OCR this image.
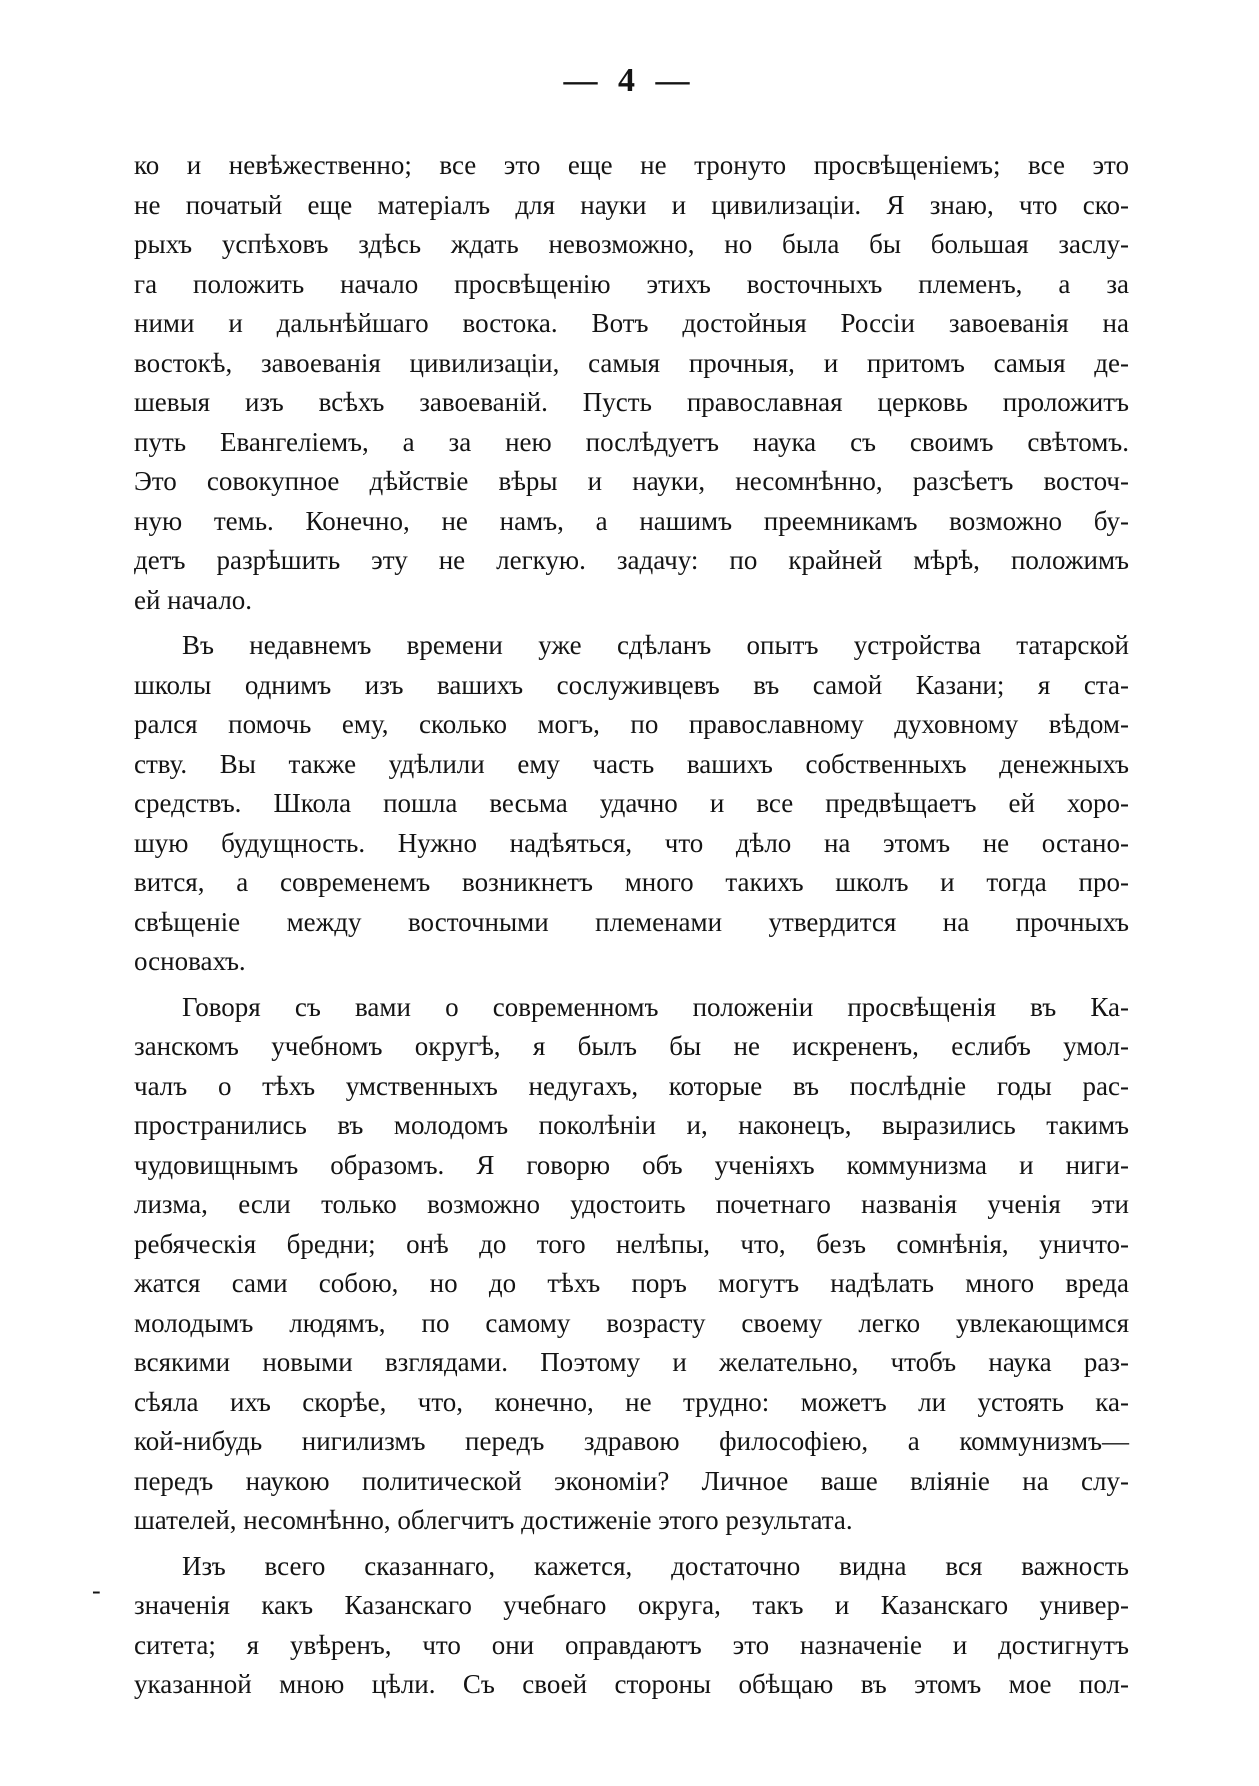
— 4 —
ко и невѣжественно; все это еще не тронуто просвѣщеніемъ; все это
не початый еще матеріалъ для науки и цивилизаціи. Я знаю, что ско-
рыхъ успѣховъ здѣсь ждать невозможно, но была бы большая заслу-
га положить начало просвѣщенію этихъ восточныхъ племенъ, а за
ними и дальнѣйшаго востока. Вотъ достойныя Россіи завоеванія на
востокѣ, завоеванія цивилизаціи, самыя прочныя, и притомъ самыя де-
шевыя изъ всѣхъ завоеваній. Пусть православная церковь проложитъ
путь Евангеліемъ, а за нею послѣдуетъ наука съ своимъ свѣтомъ.
Это совокупное дѣйствіе вѣры и науки, несомнѣнно, разсѣетъ восточ-
ную темь. Конечно, не намъ, а нашимъ преемникамъ возможно бу-
детъ разрѣшить эту не легкую. задачу: по крайней мѣрѣ, положимъ
ей начало.
Въ недавнемъ времени уже сдѣланъ опытъ устройства татарской
школы однимъ изъ вашихъ сослуживцевъ въ самой Казани; я ста-
рался помочь ему, сколько могъ, по православному духовному вѣдом-
ству. Вы также удѣлили ему часть вашихъ собственныхъ денежныхъ
средствъ. Школа пошла весьма удачно и все предвѣщаетъ ей хоро-
шую будущность. Нужно надѣяться, что дѣло на этомъ не остано-
вится, а современемъ возникнетъ много такихъ школъ и тогда про-
свѣщеніе между восточными племенами утвердится на прочныхъ
основахъ.
Говоря съ вами о современномъ положеніи просвѣщенія въ Ка-
занскомъ учебномъ округѣ, я былъ бы не искрененъ, еслибъ умол-
чалъ о тѣхъ умственныхъ недугахъ, которые въ послѣдніе годы рас-
пространились въ молодомъ поколѣніи и, наконецъ, выразились такимъ
чудовищнымъ образомъ. Я говорю объ ученіяхъ коммунизма и ниги-
лизма, если только возможно удостоить почетнаго названія ученія эти
ребяческія бредни; онѣ до того нелѣпы, что, безъ сомнѣнія, уничто-
жатся сами собою, но до тѣхъ поръ могутъ надѣлать много вреда
молодымъ людямъ, по самому возрасту своему легко увлекающимся
всякими новыми взглядами. Поэтому и желательно, чтобъ наука раз-
сѣяла ихъ скорѣе, что, конечно, не трудно: можетъ ли устоять ка-
кой-нибудь нигилизмъ передъ здравою философіею, а коммунизмъ—
передъ наукою политической экономіи? Личное ваше вліяніе на слу-
шателей, несомнѣнно, облегчитъ достиженіе этого результата.
Изъ всего сказаннаго, кажется, достаточно видна вся важность
значенія какъ Казанскаго учебнаго округа, такъ и Казанскаго универ-
ситета; я увѣренъ, что они оправдаютъ это назначеніе и достигнутъ
указанной мною цѣли. Съ своей стороны обѣщаю въ этомъ мое пол-
-
